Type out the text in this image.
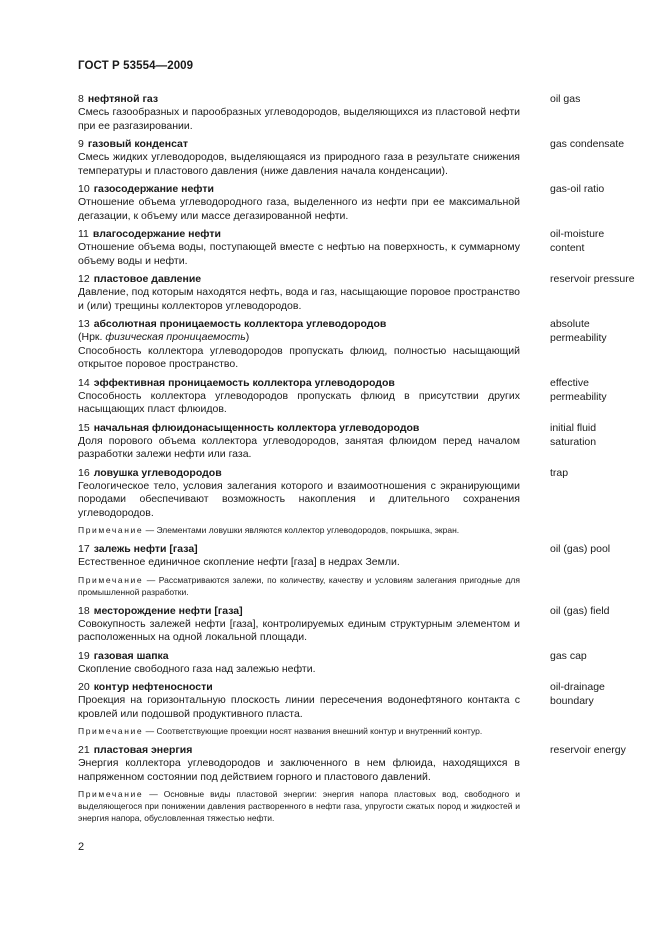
ГОСТ Р 53554—2009
8 нефтяной газ
Смесь газообразных и парообразных углеводородов, выделяющихся из пластовой нефти при ее разгазировании.
oil gas
9 газовый конденсат
Смесь жидких углеводородов, выделяющаяся из природного газа в результате снижения температуры и пластового давления (ниже давления начала конденсации).
gas condensate
10 газосодержание нефти
Отношение объема углеводородного газа, выделенного из нефти при ее максимальной дегазации, к объему или массе дегазированной нефти.
gas-oil ratio
11 влагосодержание нефти
Отношение объема воды, поступающей вместе с нефтью на поверхность, к суммарному объему воды и нефти.
oil-moisture content
12 пластовое давление
Давление, под которым находятся нефть, вода и газ, насыщающие поровое пространство и (или) трещины коллекторов углеводородов.
reservoir pressure
13 абсолютная проницаемость коллектора углеводородов
(Нрк. физическая проницаемость)
Способность коллектора углеводородов пропускать флюид, полностью насыщающий открытое поровое пространство.
absolute permeability
14 эффективная проницаемость коллектора углеводородов
Способность коллектора углеводородов пропускать флюид в присутствии других насыщающих пласт флюидов.
effective permeability
15 начальная флюидонасыщенность коллектора углеводородов
Доля порового объема коллектора углеводородов, занятая флюидом перед началом разработки залежи нефти или газа.
initial fluid saturation
16 ловушка углеводородов
Геологическое тело, условия залегания которого и взаимоотношения с экранирующими породами обеспечивают возможность накопления и длительного сохранения углеводородов.
Примечание — Элементами ловушки являются коллектор углеводородов, покрышка, экран.
trap
17 залежь нефти [газа]
Естественное единичное скопление нефти [газа] в недрах Земли.
Примечание — Рассматриваются залежи, по количеству, качеству и условиям залегания пригодные для промышленной разработки.
oil (gas) pool
18 месторождение нефти [газа]
Совокупность залежей нефти [газа], контролируемых единым структурным элементом и расположенных на одной локальной площади.
oil (gas) field
19 газовая шапка
Скопление свободного газа над залежью нефти.
gas cap
20 контур нефтеносности
Проекция на горизонтальную плоскость линии пересечения водонефтяного контакта с кровлей или подошвой продуктивного пласта.
Примечание — Соответствующие проекции носят названия внешний контур и внутренний контур.
oil-drainage boundary
21 пластовая энергия
Энергия коллектора углеводородов и заключенного в нем флюида, находящихся в напряженном состоянии под действием горного и пластового давлений.
Примечание — Основные виды пластовой энергии: энергия напора пластовых вод, свободного и выделяющегося при понижении давления растворенного в нефти газа, упругости сжатых пород и жидкостей и энергия напора, обусловленная тяжестью нефти.
reservoir energy
2
